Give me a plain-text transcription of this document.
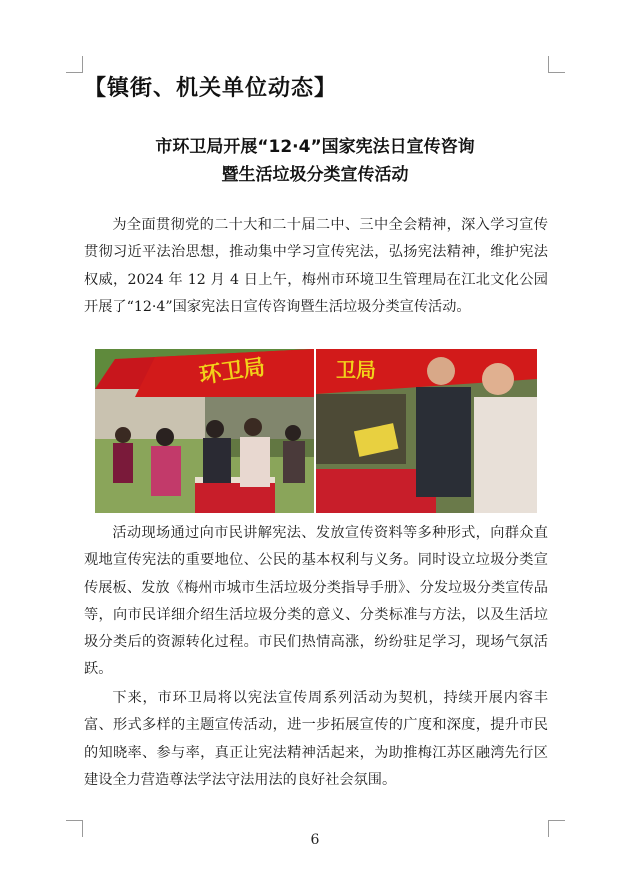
【镇街、机关单位动态】
市环卫局开展“12·4”国家宪法日宣传咨询
暨生活垃圾分类宣传活动

为全面贯彻党的二十大和二十届二中、三中全会精神，深入学习宣传贯彻习近平法治思想，推动集中学习宣传宪法，弘扬宪法精神，维护宪法权威，2024 年 12 月 4 日上午，梅州市环境卫生管理局在江北文化公园开展了“12·4”国家宪法日宣传咨询暨生活垃圾分类宣传活动。

环卫局	卫局

活动现场通过向市民讲解宪法、发放宣传资料等多种形式，向群众直观地宣传宪法的重要地位、公民的基本权利与义务。同时设立垃圾分类宣传展板、发放《梅州市城市生活垃圾分类指导手册》、分发垃圾分类宣传品等，向市民详细介绍生活垃圾分类的意义、分类标准与方法，以及生活垃圾分类后的资源转化过程。市民们热情高涨，纷纷驻足学习，现场气氛活跃。

下来，市环卫局将以宪法宣传周系列活动为契机，持续开展内容丰富、形式多样的主题宣传活动，进一步拓展宣传的广度和深度，提升市民的知晓率、参与率，真正让宪法精神活起来，为助推梅江苏区融湾先行区建设全力营造尊法学法守法用法的良好社会氛围。

6
